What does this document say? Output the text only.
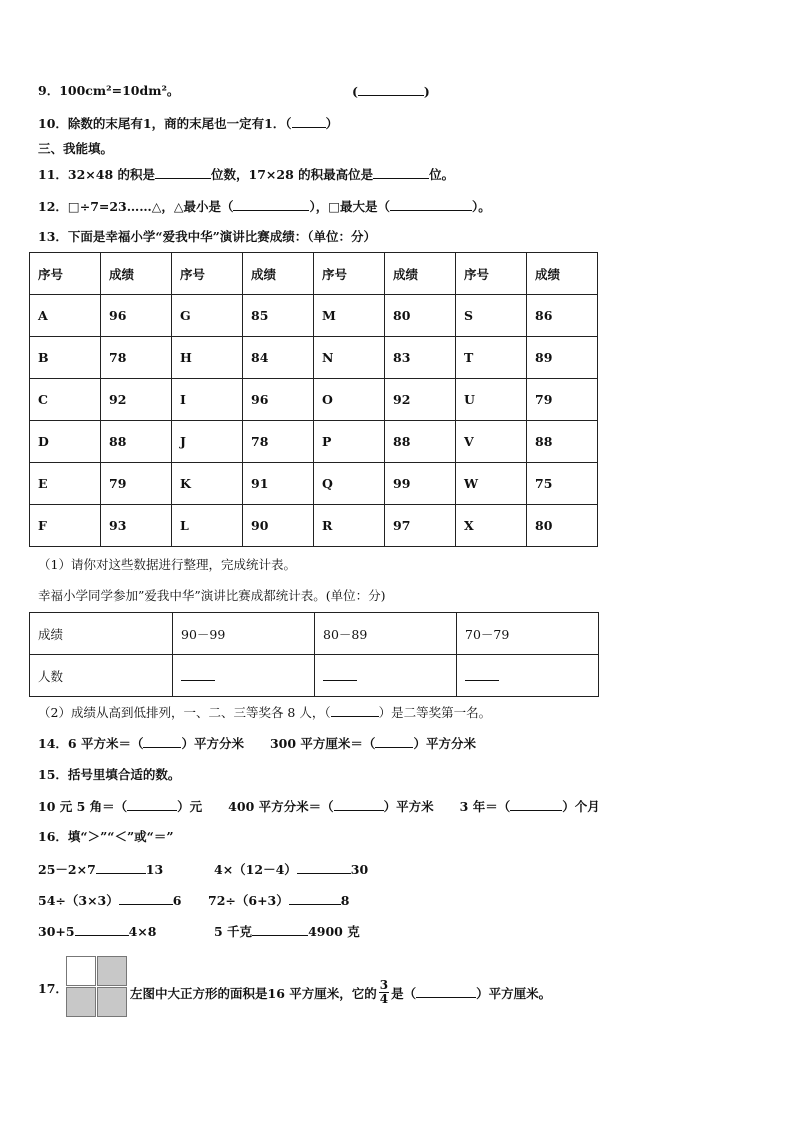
9．100cm²=10dm²。	(	)
10．除数的末尾有1，商的末尾也一定有1．（	）
三、我能填。
11．32×48 的积是	位数，17×28 的积最高位是	位。
12．□÷7=23……△，△最小是（	），□最大是（	）。
13．下面是幸福小学“爱我中华”演讲比赛成绩：（单位：分）
序号	成绩	序号	成绩	序号	成绩	序号	成绩
A	96	G	85	M	80	S	86
B	78	H	84	N	83	T	89
C	92	I	96	O	92	U	79
D	88	J	78	P	88	V	88
E	79	K	91	Q	99	W	75
F	93	L	90	R	97	X	80
（1）请你对这些数据进行整理，完成统计表。
幸福小学同学参加”爱我中华”演讲比赛成都统计表。(单位：分)
成绩	90－99	80－89	70－79
人数			
（2）成绩从高到低排列，一、二、三等奖各 8 人，（	）是二等奖第一名。
14．6 平方米＝（	）平方分米 300 平方厘米＝（	）平方分米
15．括号里填合适的数。
10 元 5 角＝（	）元 400 平方分米＝（	）平方米 3 年＝（	）个月
16．填“＞”“＜”或“＝”
25－2×7	13	4×（12－4）	30
54÷（3×3）	6 72÷（6+3）	8
30+5	4×8	5 千克	4900 克
17．	左图中大正方形的面积是16 平方厘米，它的 $\frac{3}{4}$ 是（	）平方厘米。
